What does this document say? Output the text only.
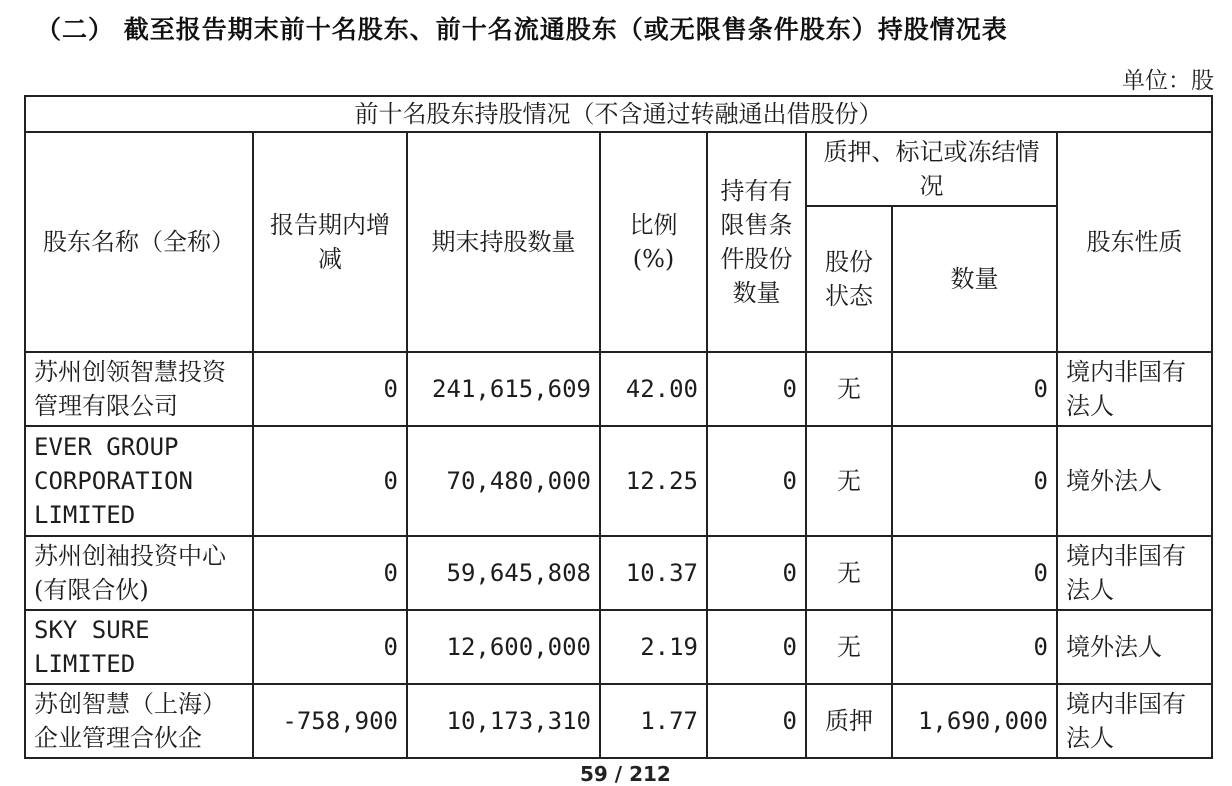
（二） 截至报告期末前十名股东、前十名流通股东（或无限售条件股东）持股情况表
单位：股
前十名股东持股情况（不含通过转融通出借股份）							
股东名称（全称）	报告期内增减	期末持股数量	比例(%)	持有有限售条件股份数量	质押、标记或冻结情况		股东性质
					股份状态	数量	
苏州创领智慧投资管理有限公司	0	241,615,609	42.00	0	无	0	境内非国有法人
EVER GROUP CORPORATION LIMITED	0	70,480,000	12.25	0	无	0	境外法人
苏州创袖投资中心(有限合伙)	0	59,645,808	10.37	0	无	0	境内非国有法人
SKY SURE LIMITED	0	12,600,000	2.19	0	无	0	境外法人
苏创智慧（上海）企业管理合伙企	-758,900	10,173,310	1.77	0	质押	1,690,000	境内非国有法人
59 / 212
